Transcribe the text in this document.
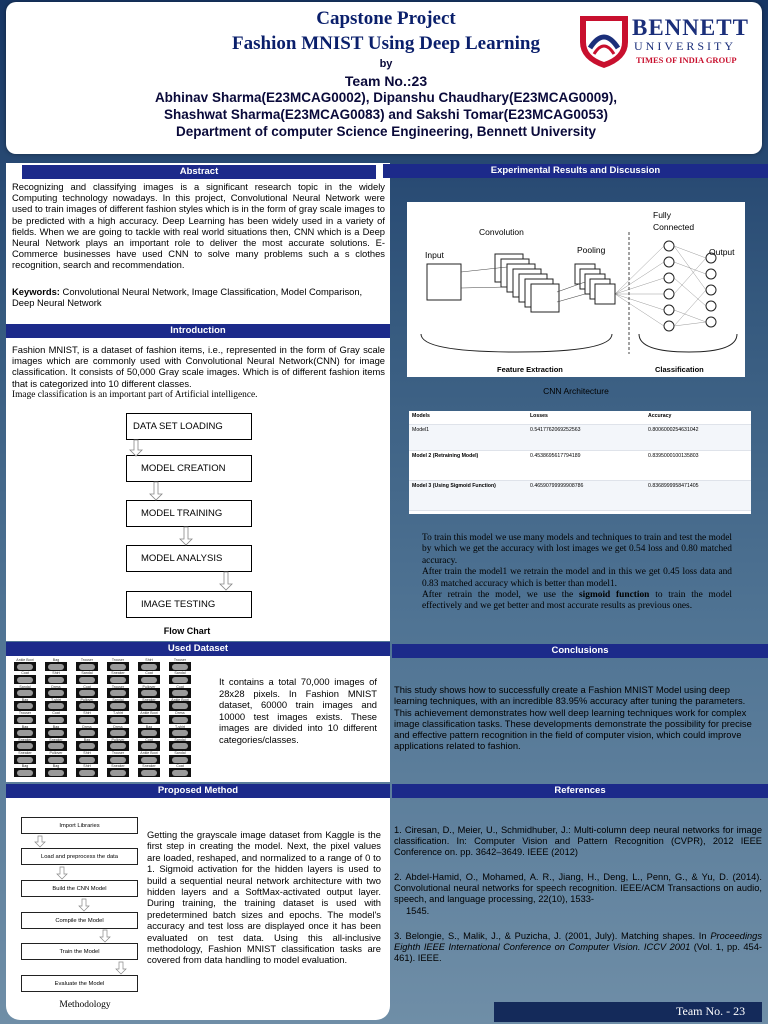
Capstone Project
Fashion MNIST Using Deep Learning
by
Team No.:23
Abhinav Sharma(E23MCAG0002), Dipanshu Chaudhary(E23MCAG0009),
Shashwat Sharma(E23MCAG0083) and Sakshi Tomar(E23MCAG0053)
Department of computer Science Engineering, Bennett University
BENNETT
UNIVERSITY
TIMES OF INDIA GROUP
Abstract
Recognizing and classifying images is a significant research topic in the widely Computing technology nowadays. In this project, Convolutional Neural Network were used to train images of different fashion styles which is in the form of gray scale images to be predicted with a high accuracy. Deep Learning has been widely used in a variety of fields. When we are going to tackle with real world situations then, CNN which is a Deep Neural Network plays an important role to deliver the most accurate solutions. E-Commerce businesses have used CNN to solve many problems such a s clothes recognition, search and recommendation.
Keywords: Convolutional Neural Network, Image Classification, Model Comparison, Deep Neural Network
Introduction
Fashion MNIST, is a dataset of fashion items, i.e., represented in the form of Gray scale images which are commonly used with Convolutional Neural Network(CNN) for image classification. It consists of 50,000 Gray scale images. Which is of different fashion items that is categorized into 10 different classes.
Image classification is an important part of Artificial intelligence.
DATA SET LOADING
MODEL CREATION
MODEL TRAINING
MODEL ANALYSIS
IMAGE TESTING
Flow Chart
Used Dataset
Ankle Boot	Bag	Trouser	Trouser	Shirt	Trouser
Coat	Shirt	Sandal	Sneaker	Coat	Sandal
Sandal	Dress	Coat	Trouser	Pullover	Coat
Bag	T-shirt	Pullover	Sandal	Sneaker	Ankle Boot
Trouser	Coat	Shirt	T-shirt	Ankle Boot	Dress
Bag	Bag	Dress	Dress	Bag	T-shirt
Sneaker	Sneaker	Bag	Pullover	Coat	Sandal
Sneaker	Pullover	Shirt	Trouser	Ankle Boot	Sandal
Bag	Bag	Shirt	Sneaker	Sneaker	Coat
It contains a total 70,000 images of 28x28 pixels. In Fashion MNIST dataset, 60000 train images and 10000 test images exists. These images are divided into 10 different categories/classes.
Proposed Method
Import Libraries
Load and preprocess the data
Build the CNN Model
Compile the Model
Train the Model
Evaluate the Model
Methodology
Getting the grayscale image dataset from Kaggle is the first step in creating the model. Next, the pixel values are loaded, reshaped, and normalized to a range of 0 to 1. Sigmoid activation for the hidden layers is used to build a sequential neural network architecture with two hidden layers and a SoftMax-activated output layer. During training, the training dataset is used with predetermined batch sizes and epochs. The model's accuracy and test loss are displayed once it has been evaluated on test data. Using this all-inclusive methodology, Fashion MNIST classification tasks are covered from data handling to model evaluation.
Experimental Results and Discussion
Input
Convolution
Pooling
Fully
Connected
Output
Feature Extraction	Classification
CNN Architecture
Models	Losses	Accuracy
Model1	0.5417762069252563	0.8006000254631042
Model 2 (Retraining Model)	0.4538695617794189	0.8395000100135803
Model 3 (Using Sigmoid Function)	0.46590799999908786	0.8368999958471405
To train this model we use many models and techniques to train and test the model by which we get the accuracy with lost images we get 0.54 loss and 0.80 matched accuracy.
After train the model1 we retrain the model and in this we get 0.45 loss data and 0.83 matched accuracy which is better than model1.
After retrain the model, we use the sigmoid function to train the model effectively and we get better and most accurate results as previous ones.
Conclusions
This study shows how to successfully create a Fashion MNIST Model using deep learning techniques, with an incredible 83.95% accuracy after tuning the parameters. This achievement demonstrates how well deep learning techniques work for complex image classification tasks. These developments demonstrate the possibility for precise and effective pattern recognition in the field of computer vision, which could improve applications related to fashion.
References
1. Ciresan, D., Meier, U., Schmidhuber, J.: Multi-column deep neural networks for image classification. In: Computer Vision and Pattern Recognition (CVPR), 2012 IEEE Conference on. pp. 3642–3649. IEEE (2012)
2. Abdel-Hamid, O., Mohamed, A. R., Jiang, H., Deng, L., Penn, G., & Yu, D. (2014). Convolutional neural networks for speech recognition. IEEE/ACM Transactions on audio, speech, and language processing, 22(10), 1533-
1545.
3. Belongie, S., Malik, J., & Puzicha, J. (2001, July). Matching shapes. In Proceedings Eighth IEEE International Conference on Computer Vision. ICCV 2001 (Vol. 1, pp. 454-461). IEEE.
Team No. - 23
